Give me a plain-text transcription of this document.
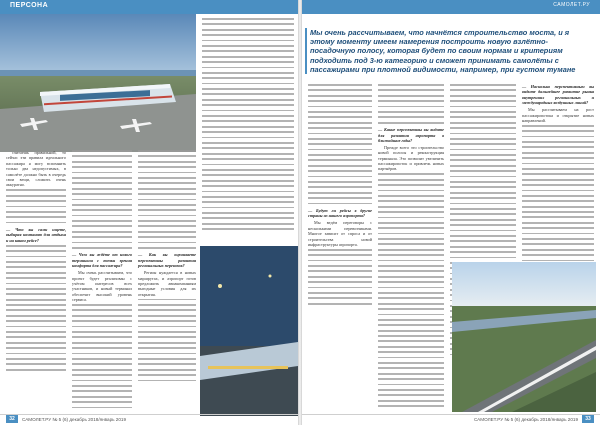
ПЕРСОНА

считаешь правильной, то сейчас эти правила идеального пассажира я могу вспомнить только два недопустимых, в самолёте должно быть в очередь свои вещи, сложить очень аккуратно.

— Что вы сами ищете, выбирая компанию для отдыха и на каком рейсе?

— Чего вы ждёте от нового терминала с точки зрения комфорта для пассажира?

Мы очень рассчитываем, что проект будет реализован с учётом интересов всех участников, и новый терминал обеспечит высокий уровень сервиса.

— Как вы оцениваете перспективы развития региональных перевозок?

Регион нуждается в новых маршрутах, и аэропорт готов предложить авиакомпаниям выгодные условия для их открытия.

32	САМОЛЕТ.РУ № 5 (6) декабрь 2018/январь 2019
САМОЛЕТ.РУ
Мы очень рассчитываем, что начнётся строительство моста, и я этому моменту имеем намерения построить новую взлётно-посадочную полосу, которая будет по своим нормам и критериям подходить под 3-ю категорию и сможет принимать самолёты с пассажирами при плотной видимости, например, при густом тумане

— Будут ли рейсы в другие страны из нашего аэропорта?

Мы ведём переговоры с несколькими перевозчиками. Многое зависит от спроса и от строительства новой инфраструктуры аэропорта.

— Какие перспективы вы видите для развития аэропорта в ближайшие годы?

Прежде всего это строительство новой полосы и реконструкция терминала. Это позволит увеличить пассажиропоток и привлечь новых партнёров.

— Насколько перспективным вы видите дальнейшее развитие рынка внутренних региональных и международных воздушных линий?

Мы рассчитываем на рост пассажиропотока и открытие новых направлений.

САМОЛЕТ.РУ № 5 (6) декабрь 2018/январь 2019	33
